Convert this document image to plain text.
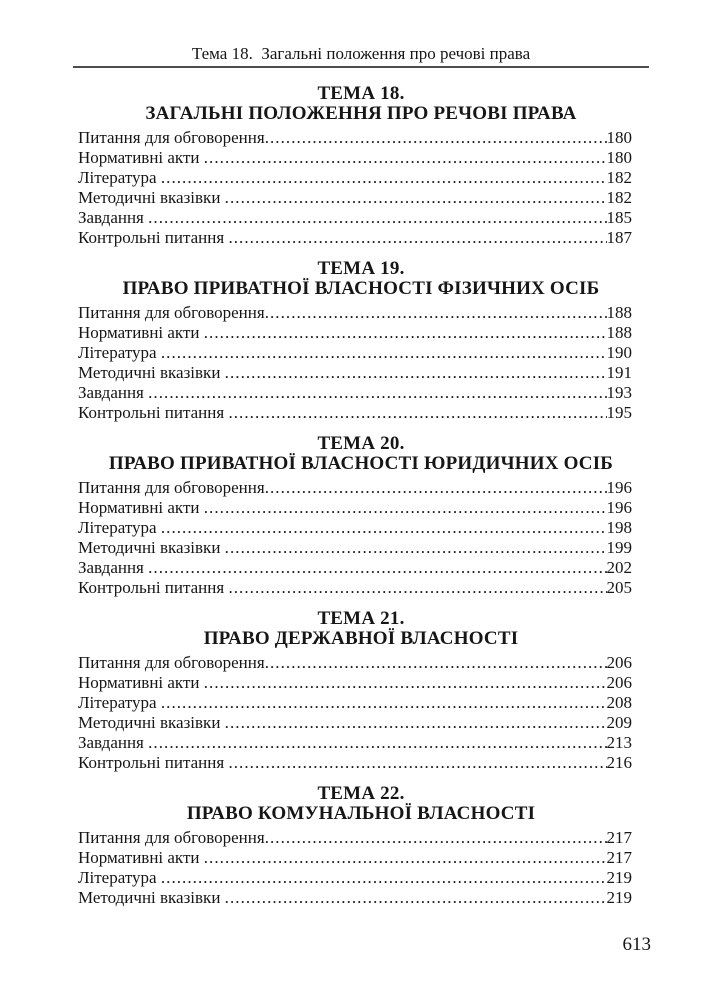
Тема 18.  Загальні положення про речові права
ТЕМА 18.
ЗАГАЛЬНІ ПОЛОЖЕННЯ ПРО РЕЧОВІ ПРАВА
Питання для обговорення .....	180
Нормативні акти .....	180
Література .....	182
Методичні вказівки .....	182
Завдання .....	185
Контрольні питання .....	187
ТЕМА 19.
ПРАВО ПРИВАТНОЇ ВЛАСНОСТІ ФІЗИЧНИХ ОСІБ
Питання для обговорення .....	188
Нормативні акти .....	188
Література .....	190
Методичні вказівки .....	191
Завдання .....	193
Контрольні питання .....	195
ТЕМА 20.
ПРАВО ПРИВАТНОЇ ВЛАСНОСТІ ЮРИДИЧНИХ ОСІБ
Питання для обговорення .....	196
Нормативні акти .....	196
Література .....	198
Методичні вказівки .....	199
Завдання .....	202
Контрольні питання .....	205
ТЕМА 21.
ПРАВО ДЕРЖАВНОЇ ВЛАСНОСТІ
Питання для обговорення .....	206
Нормативні акти .....	206
Література .....	208
Методичні вказівки .....	209
Завдання .....	213
Контрольні питання .....	216
ТЕМА 22.
ПРАВО КОМУНАЛЬНОЇ ВЛАСНОСТІ
Питання для обговорення .....	217
Нормативні акти .....	217
Література .....	219
Методичні вказівки .....	219
613
